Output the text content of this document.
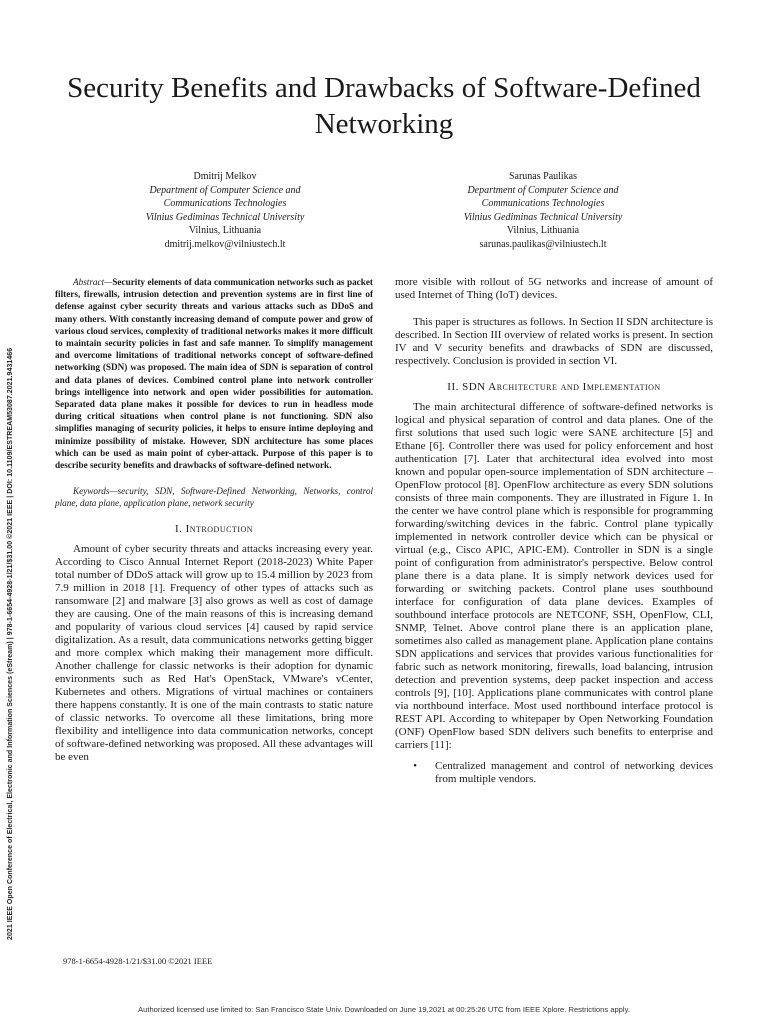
2021 IEEE Open Conference of Electrical, Electronic and Information Sciences (eStream) | 978-1-6654-4928-1/21/$31.00 ©2021 IEEE | DOI: 10.1109/ESTREAM53087.2021.9431466
Security Benefits and Drawbacks of Software-Defined Networking
Dmitrij Melkov
Department of Computer Science and
Communications Technologies
Vilnius Gediminas Technical University
Vilnius, Lithuania
dmitrij.melkov@vilniustech.lt
Sarunas Paulikas
Department of Computer Science and
Communications Technologies
Vilnius Gediminas Technical University
Vilnius, Lithuania
sarunas.paulikas@vilniustech.lt

Abstract—Security elements of data communication networks such as packet filters, firewalls, intrusion detection and prevention systems are in first line of defense against cyber security threats and various attacks such as DDoS and many others. With constantly increasing demand of compute power and grow of various cloud services, complexity of traditional networks makes it more difficult to maintain security policies in fast and safe manner. To simplify management and overcome limitations of traditional networks concept of software-defined networking (SDN) was proposed. The main idea of SDN is separation of control and data planes of devices. Combined control plane into network controller brings intelligence into network and open wider possibilities for automation. Separated data plane makes it possible for devices to run in headless mode during critical situations when control plane is not functioning. SDN also simplifies managing of security policies, it helps to ensure intime deploying and minimize possibility of mistake. However, SDN architecture has some places which can be used as main point of cyber-attack. Purpose of this paper is to describe security benefits and drawbacks of software-defined network.

Keywords—security, SDN, Software-Defined Networking, Networks, control plane, data plane, application plane, network security

I. Introduction

Amount of cyber security threats and attacks increasing every year. According to Cisco Annual Internet Report (2018-2023) White Paper total number of DDoS attack will grow up to 15.4 million by 2023 from 7.9 million in 2018 [1]. Frequency of other types of attacks such as ransomware [2] and malware [3] also grows as well as cost of damage they are causing. One of the main reasons of this is increasing demand and popularity of various cloud services [4] caused by rapid service digitalization. As a result, data communications networks getting bigger and more complex which making their management more difficult. Another challenge for classic networks is their adoption for dynamic environments such as Red Hat's OpenStack, VMware's vCenter, Kubernetes and others. Migrations of virtual machines or containers there happens constantly. It is one of the main contrasts to static nature of classic networks. To overcome all these limitations, bring more flexibility and intelligence into data communication networks, concept of software-defined networking was proposed. All these advantages will be even

more visible with rollout of 5G networks and increase of amount of used Internet of Thing (IoT) devices.

This paper is structures as follows. In Section II SDN architecture is described. In Section III overview of related works is present. In section IV and V security benefits and drawbacks of SDN are discussed, respectively. Conclusion is provided in section VI.

II. SDN Architecture and Implementation

The main architectural difference of software-defined networks is logical and physical separation of control and data planes. One of the first solutions that used such logic were SANE architecture [5] and Ethane [6]. Controller there was used for policy enforcement and host authentication [7]. Later that architectural idea evolved into most known and popular open-source implementation of SDN architecture – OpenFlow protocol [8]. OpenFlow architecture as every SDN solutions consists of three main components. They are illustrated in Figure 1. In the center we have control plane which is responsible for programming forwarding/switching devices in the fabric. Control plane typically implemented in network controller device which can be physical or virtual (e.g., Cisco APIC, APIC-EM). Controller in SDN is a single point of configuration from administrator's perspective. Below control plane there is a data plane. It is simply network devices used for forwarding or switching packets. Control plane uses southbound interface for configuration of data plane devices. Examples of southbound interface protocols are NETCONF, SSH, OpenFlow, CLI, SNMP, Telnet. Above control plane there is an application plane, sometimes also called as management plane. Application plane contains SDN applications and services that provides various functionalities for fabric such as network monitoring, firewalls, load balancing, intrusion detection and prevention systems, deep packet inspection and access controls [9], [10]. Applications plane communicates with control plane via northbound interface. Most used northbound interface protocol is REST API. According to whitepaper by Open Networking Foundation (ONF) OpenFlow based SDN delivers such benefits to enterprise and carriers [11]:

•	Centralized management and control of networking devices from multiple vendors.
978-1-6654-4928-1/21/$31.00 ©2021 IEEE
Authorized licensed use limited to: San Francisco State Univ. Downloaded on June 19,2021 at 00:25:26 UTC from IEEE Xplore. Restrictions apply.
